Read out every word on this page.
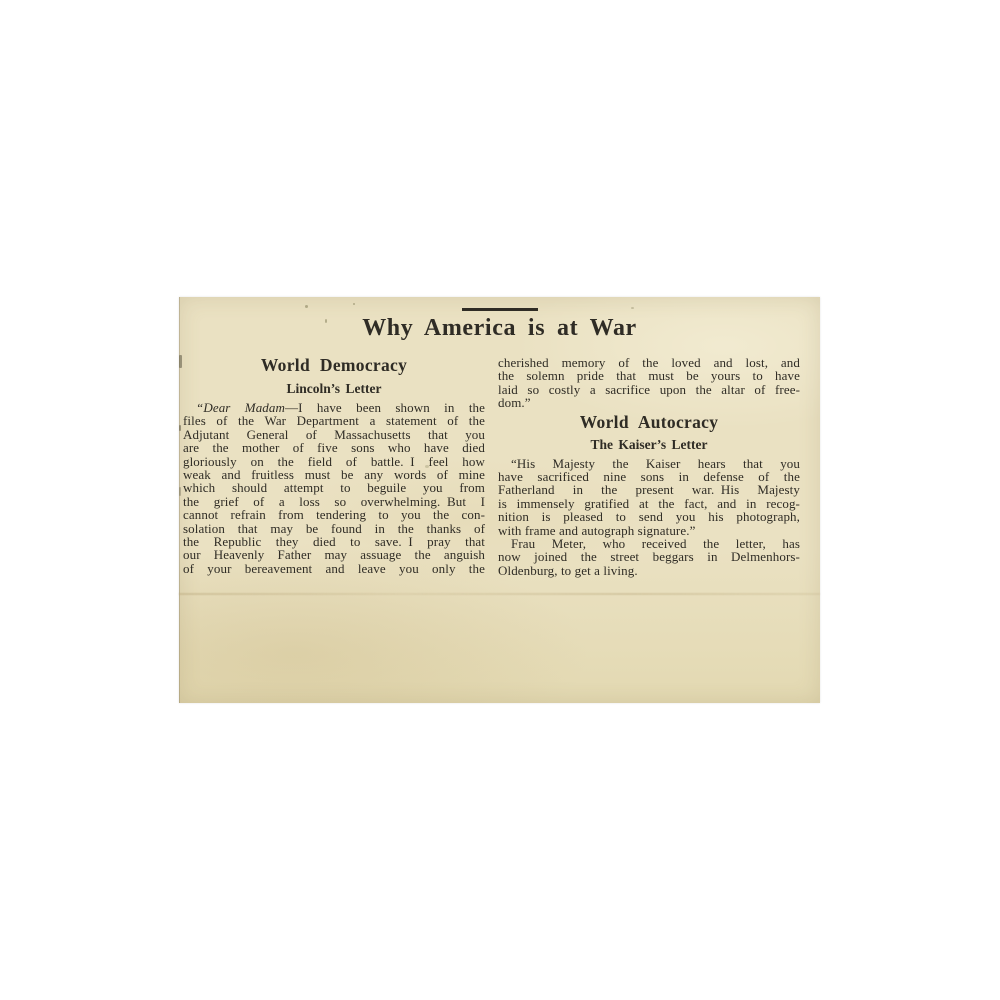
Why America is at War
World Democracy
Lincoln’s Letter
“Dear Madam—I have been shown in the
files of the War Department a statement of the
Adjutant General of Massachusetts that you
are the mother of five sons who have died
gloriously on the field of battle. I feel how
weak and fruitless must be any words of mine
which should attempt to beguile you from
the grief of a loss so overwhelming. But I
cannot refrain from tendering to you the con-
solation that may be found in the thanks of
the Republic they died to save. I pray that
our Heavenly Father may assuage the anguish
of your bereavement and leave you only the
cherished memory of the loved and lost, and
the solemn pride that must be yours to have
laid so costly a sacrifice upon the altar of free-
dom.”
World Autocracy
The Kaiser’s Letter
“His Majesty the Kaiser hears that you
have sacrificed nine sons in defense of the
Fatherland in the present war. His Majesty
is immensely gratified at the fact, and in recog-
nition is pleased to send you his photograph,
with frame and autograph signature.”
Frau Meter, who received the letter, has
now joined the street beggars in Delmenhors-
Oldenburg, to get a living.
